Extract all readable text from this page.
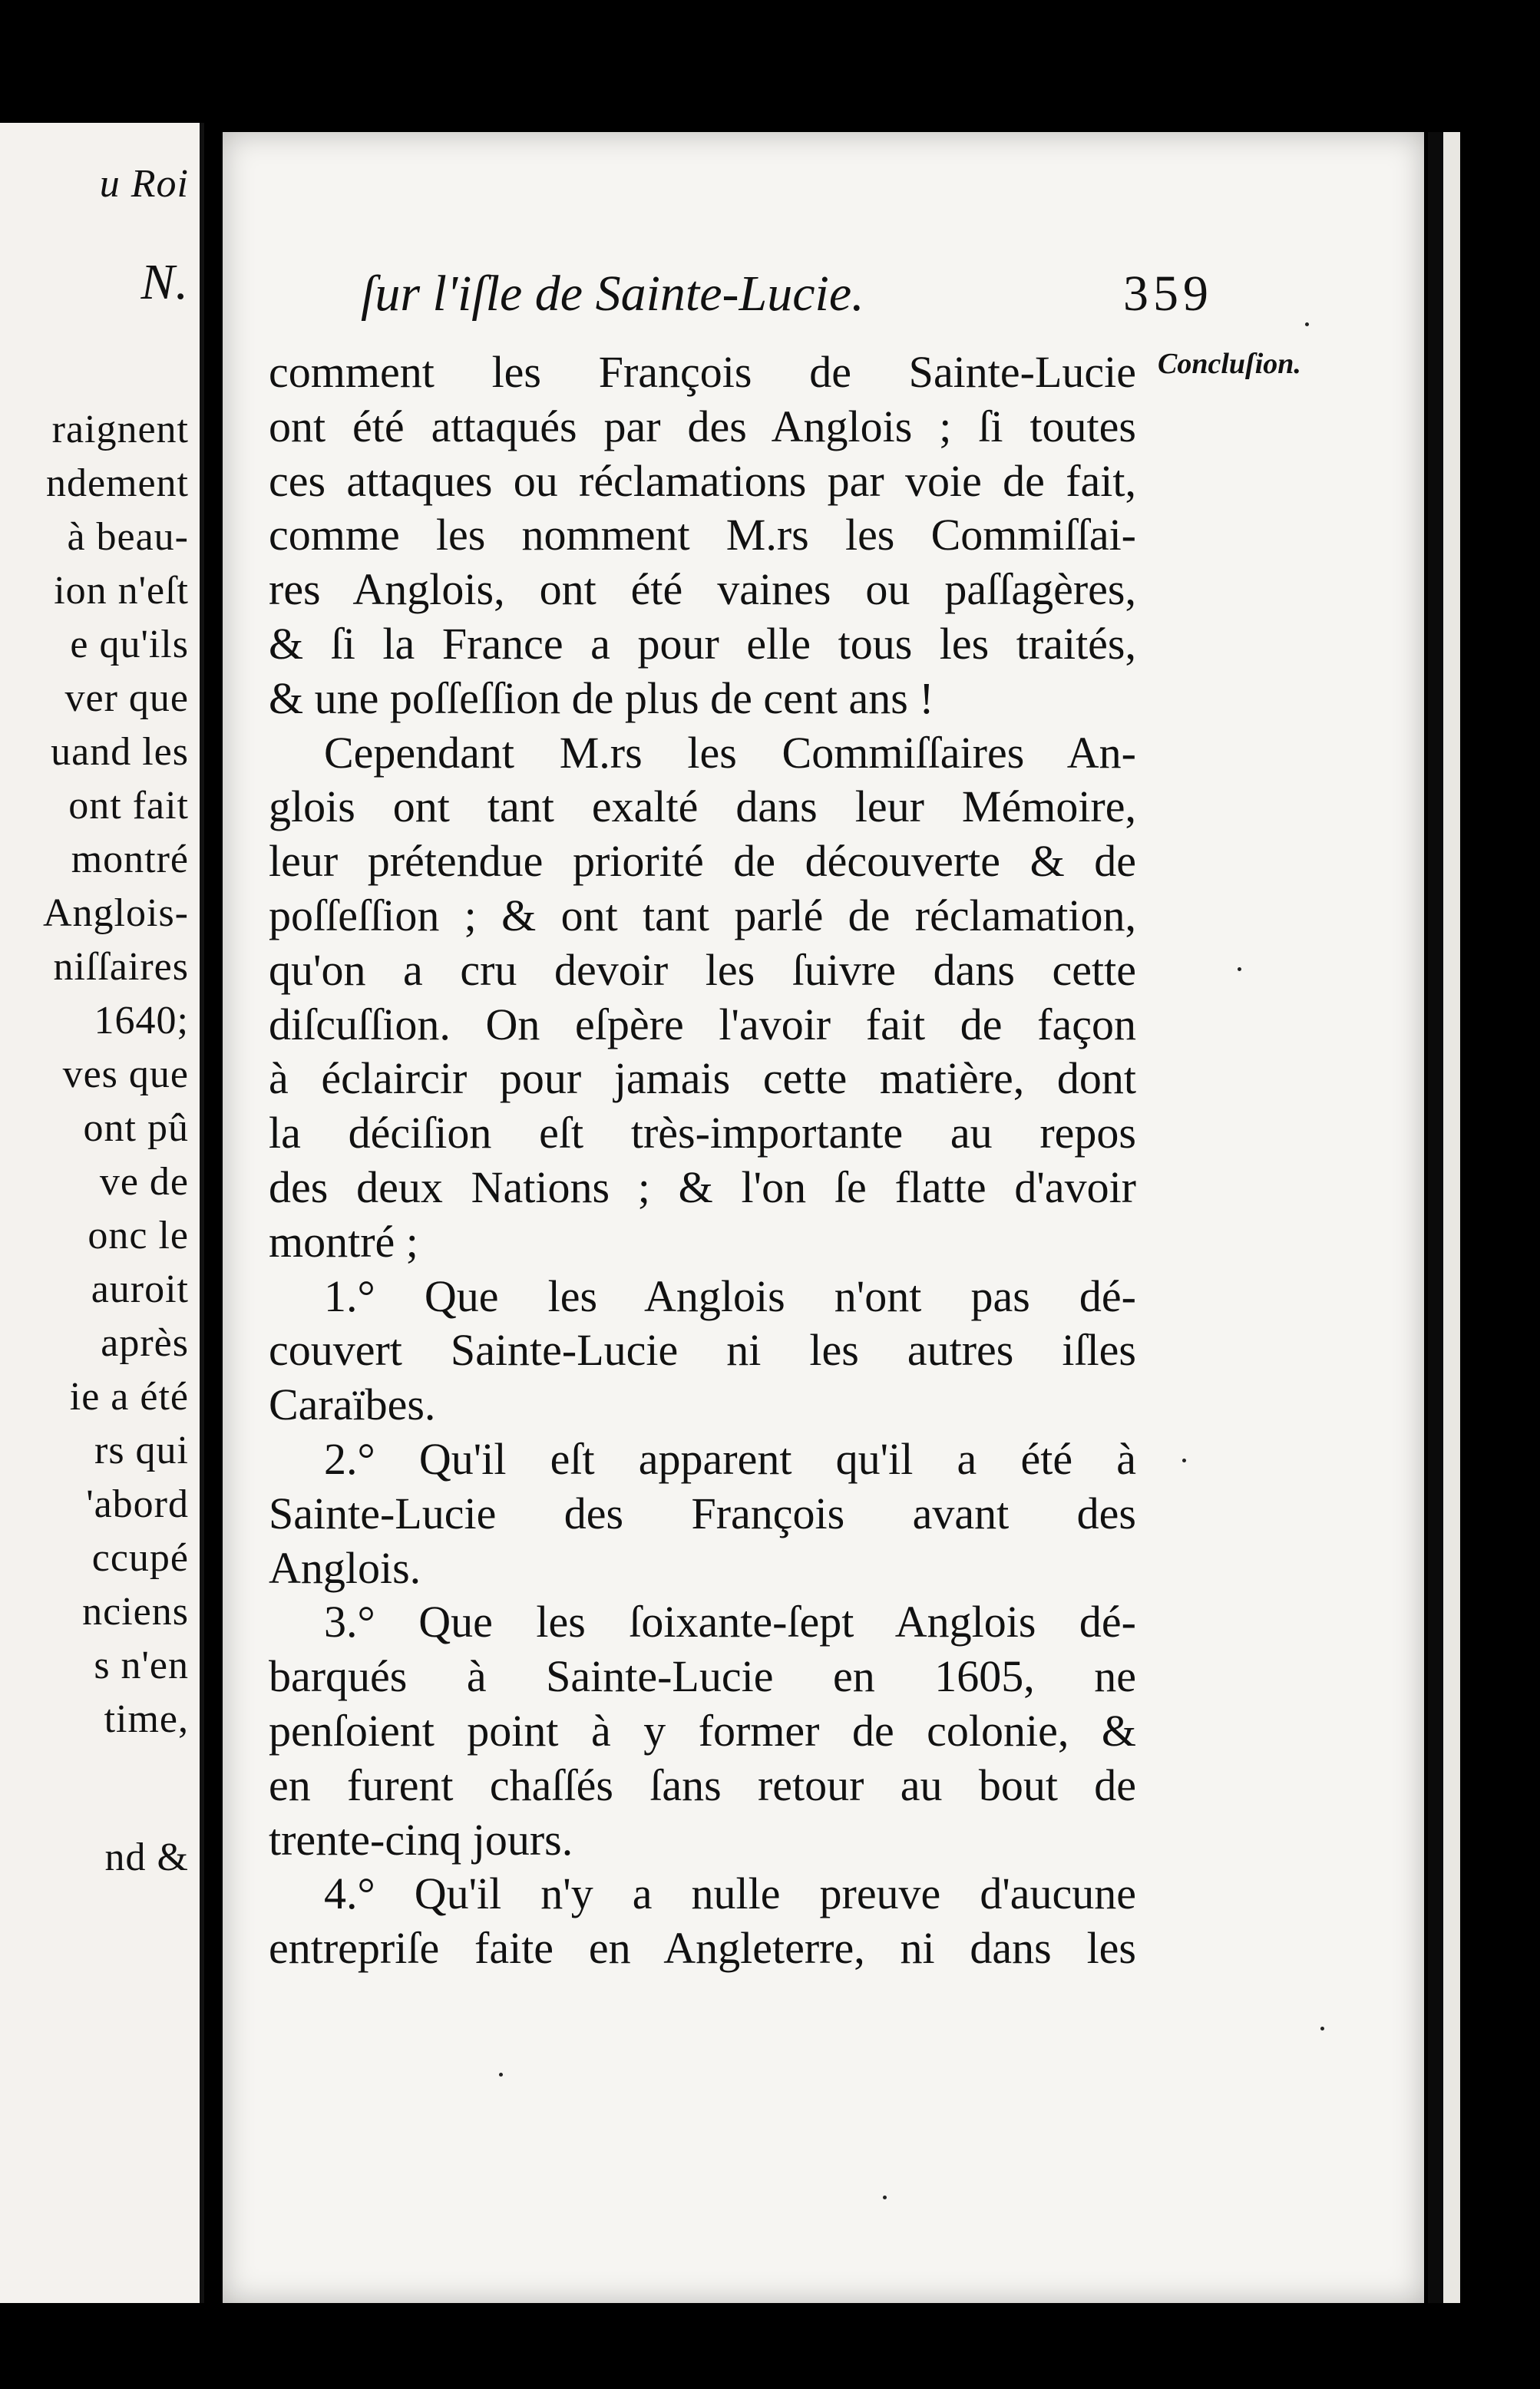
u Roi
N.
raignent
ndement
à beau-
ion n'eſt
e qu'ils
ver que
uand les
ont fait
montré
Anglois-
niſſaires
1640;
ves que
ont pû
ve de
onc le
auroit
après
ie a été
rs qui
'abord
ccupé
nciens
s n'en
time,
nd &
ſur l'iſle de Sainte-Lucie.	359
Concluſion.
comment les François de Sainte-Lucie
ont été attaqués par des Anglois ; ſi toutes
ces attaques ou réclamations par voie de fait,
comme les nomment M.rs les Commiſſai-
res Anglois, ont été vaines ou paſſagères,
& ſi la France a pour elle tous les traités,
& une poſſeſſion de plus de cent ans !
Cependant M.rs les Commiſſaires An-
glois ont tant exalté dans leur Mémoire,
leur prétendue priorité de découverte & de
poſſeſſion ; & ont tant parlé de réclamation,
qu'on a cru devoir les ſuivre dans cette
diſcuſſion. On eſpère l'avoir fait de façon
à éclaircir pour jamais cette matière, dont
la déciſion eſt très-importante au repos
des deux Nations ; & l'on ſe flatte d'avoir
montré ;
1.° Que les Anglois n'ont pas dé-
couvert Sainte-Lucie ni les autres iſles
Caraïbes.
2.° Qu'il eſt apparent qu'il a été à
Sainte-Lucie des François avant des
Anglois.
3.° Que les ſoixante-ſept Anglois dé-
barqués à Sainte-Lucie en 1605, ne
penſoient point à y former de colonie, &
en furent chaſſés ſans retour au bout de
trente-cinq jours.
4.° Qu'il n'y a nulle preuve d'aucune
entrepriſe faite en Angleterre, ni dans les
